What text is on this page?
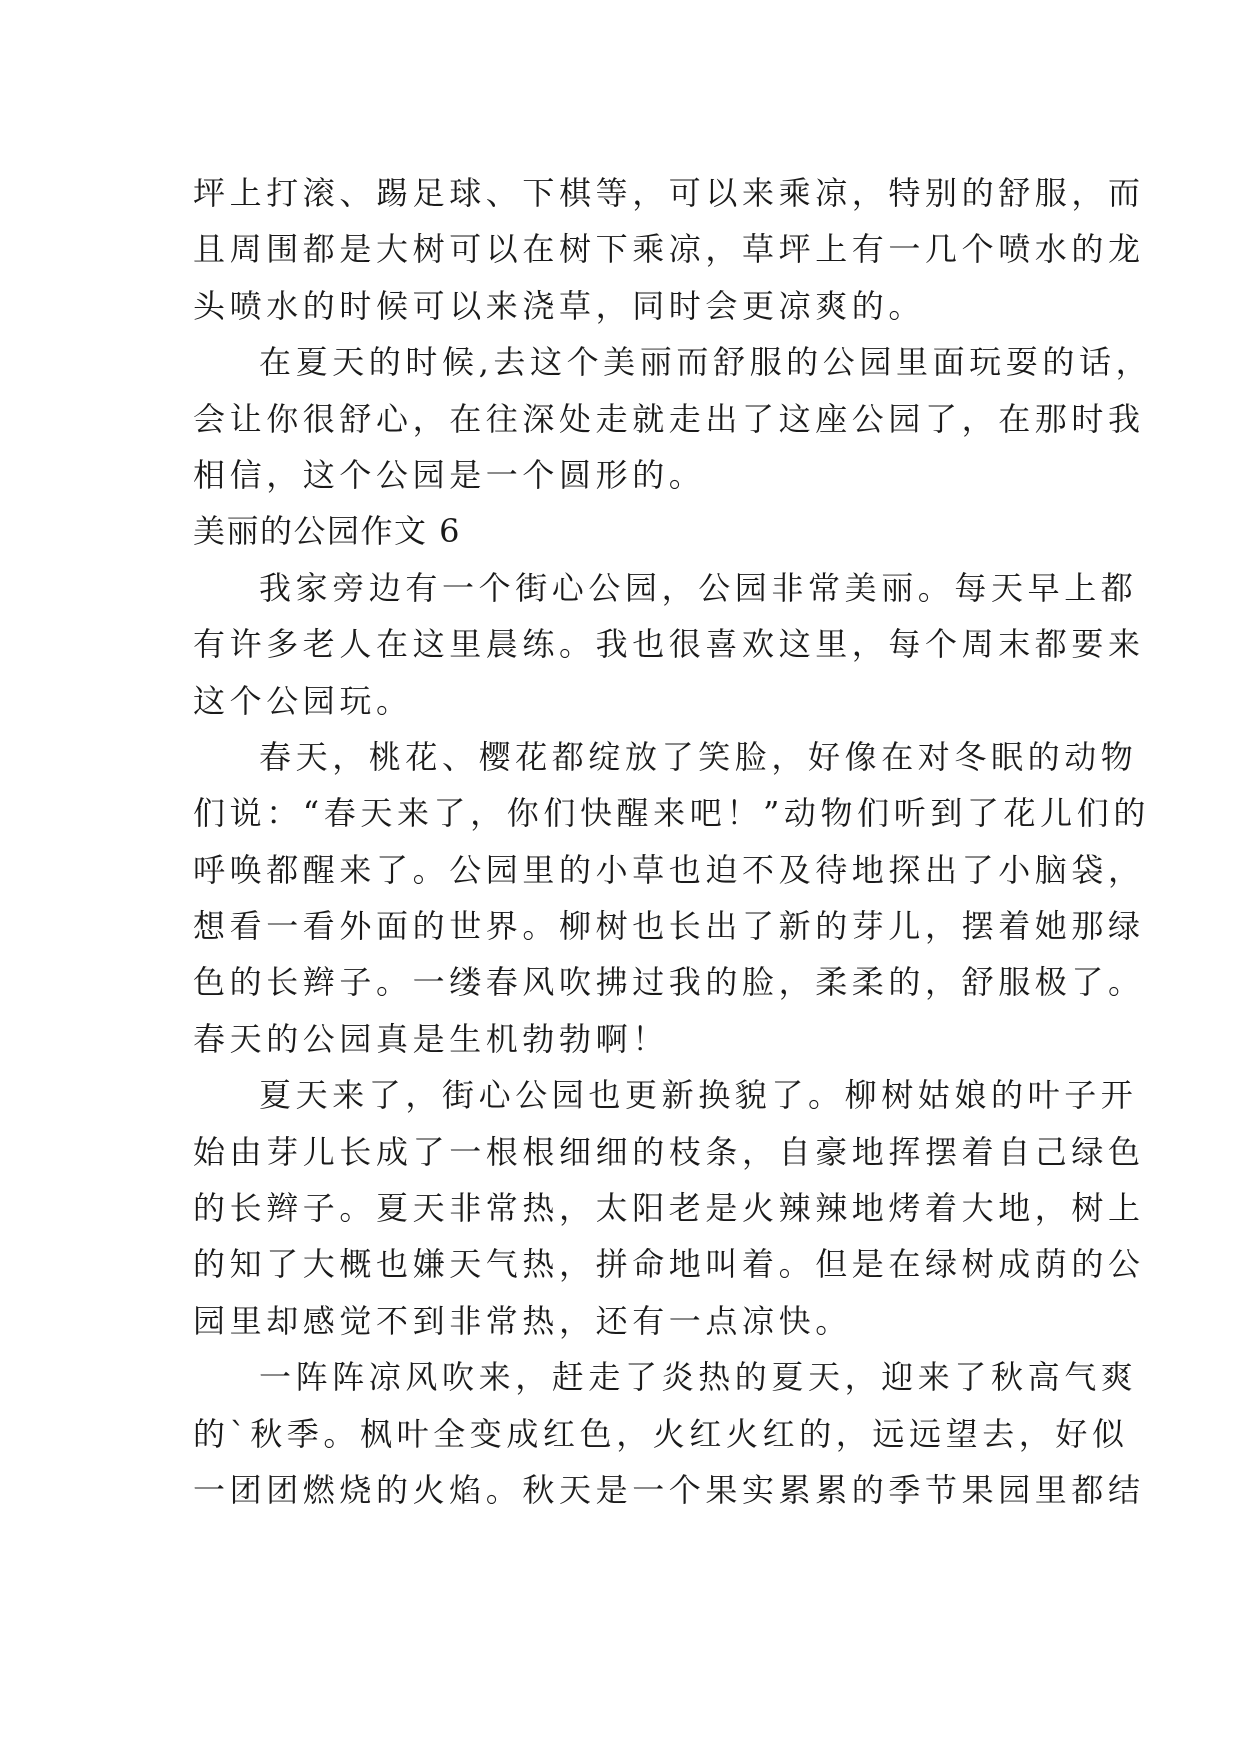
坪上打滚、踢足球、下棋等，可以来乘凉，特别的舒服，而
且周围都是大树可以在树下乘凉，草坪上有一几个喷水的龙
头喷水的时候可以来浇草，同时会更凉爽的。
在夏天的时候,去这个美丽而舒服的公园里面玩耍的话，
会让你很舒心，在往深处走就走出了这座公园了，在那时我
相信，这个公园是一个圆形的。
美丽的公园作文 6
我家旁边有一个街心公园，公园非常美丽。每天早上都
有许多老人在这里晨练。我也很喜欢这里，每个周末都要来
这个公园玩。
春天，桃花、樱花都绽放了笑脸，好像在对冬眠的动物
们说：“春天来了，你们快醒来吧！”动物们听到了花儿们的
呼唤都醒来了。公园里的小草也迫不及待地探出了小脑袋，
想看一看外面的世界。柳树也长出了新的芽儿，摆着她那绿
色的长辫子。一缕春风吹拂过我的脸，柔柔的，舒服极了。
春天的公园真是生机勃勃啊！
夏天来了，街心公园也更新换貌了。柳树姑娘的叶子开
始由芽儿长成了一根根细细的枝条，自豪地挥摆着自己绿色
的长辫子。夏天非常热，太阳老是火辣辣地烤着大地，树上
的知了大概也嫌天气热，拼命地叫着。但是在绿树成荫的公
园里却感觉不到非常热，还有一点凉快。
一阵阵凉风吹来，赶走了炎热的夏天，迎来了秋高气爽
的`秋季。枫叶全变成红色，火红火红的，远远望去，好似
一团团燃烧的火焰。秋天是一个果实累累的季节果园里都结
